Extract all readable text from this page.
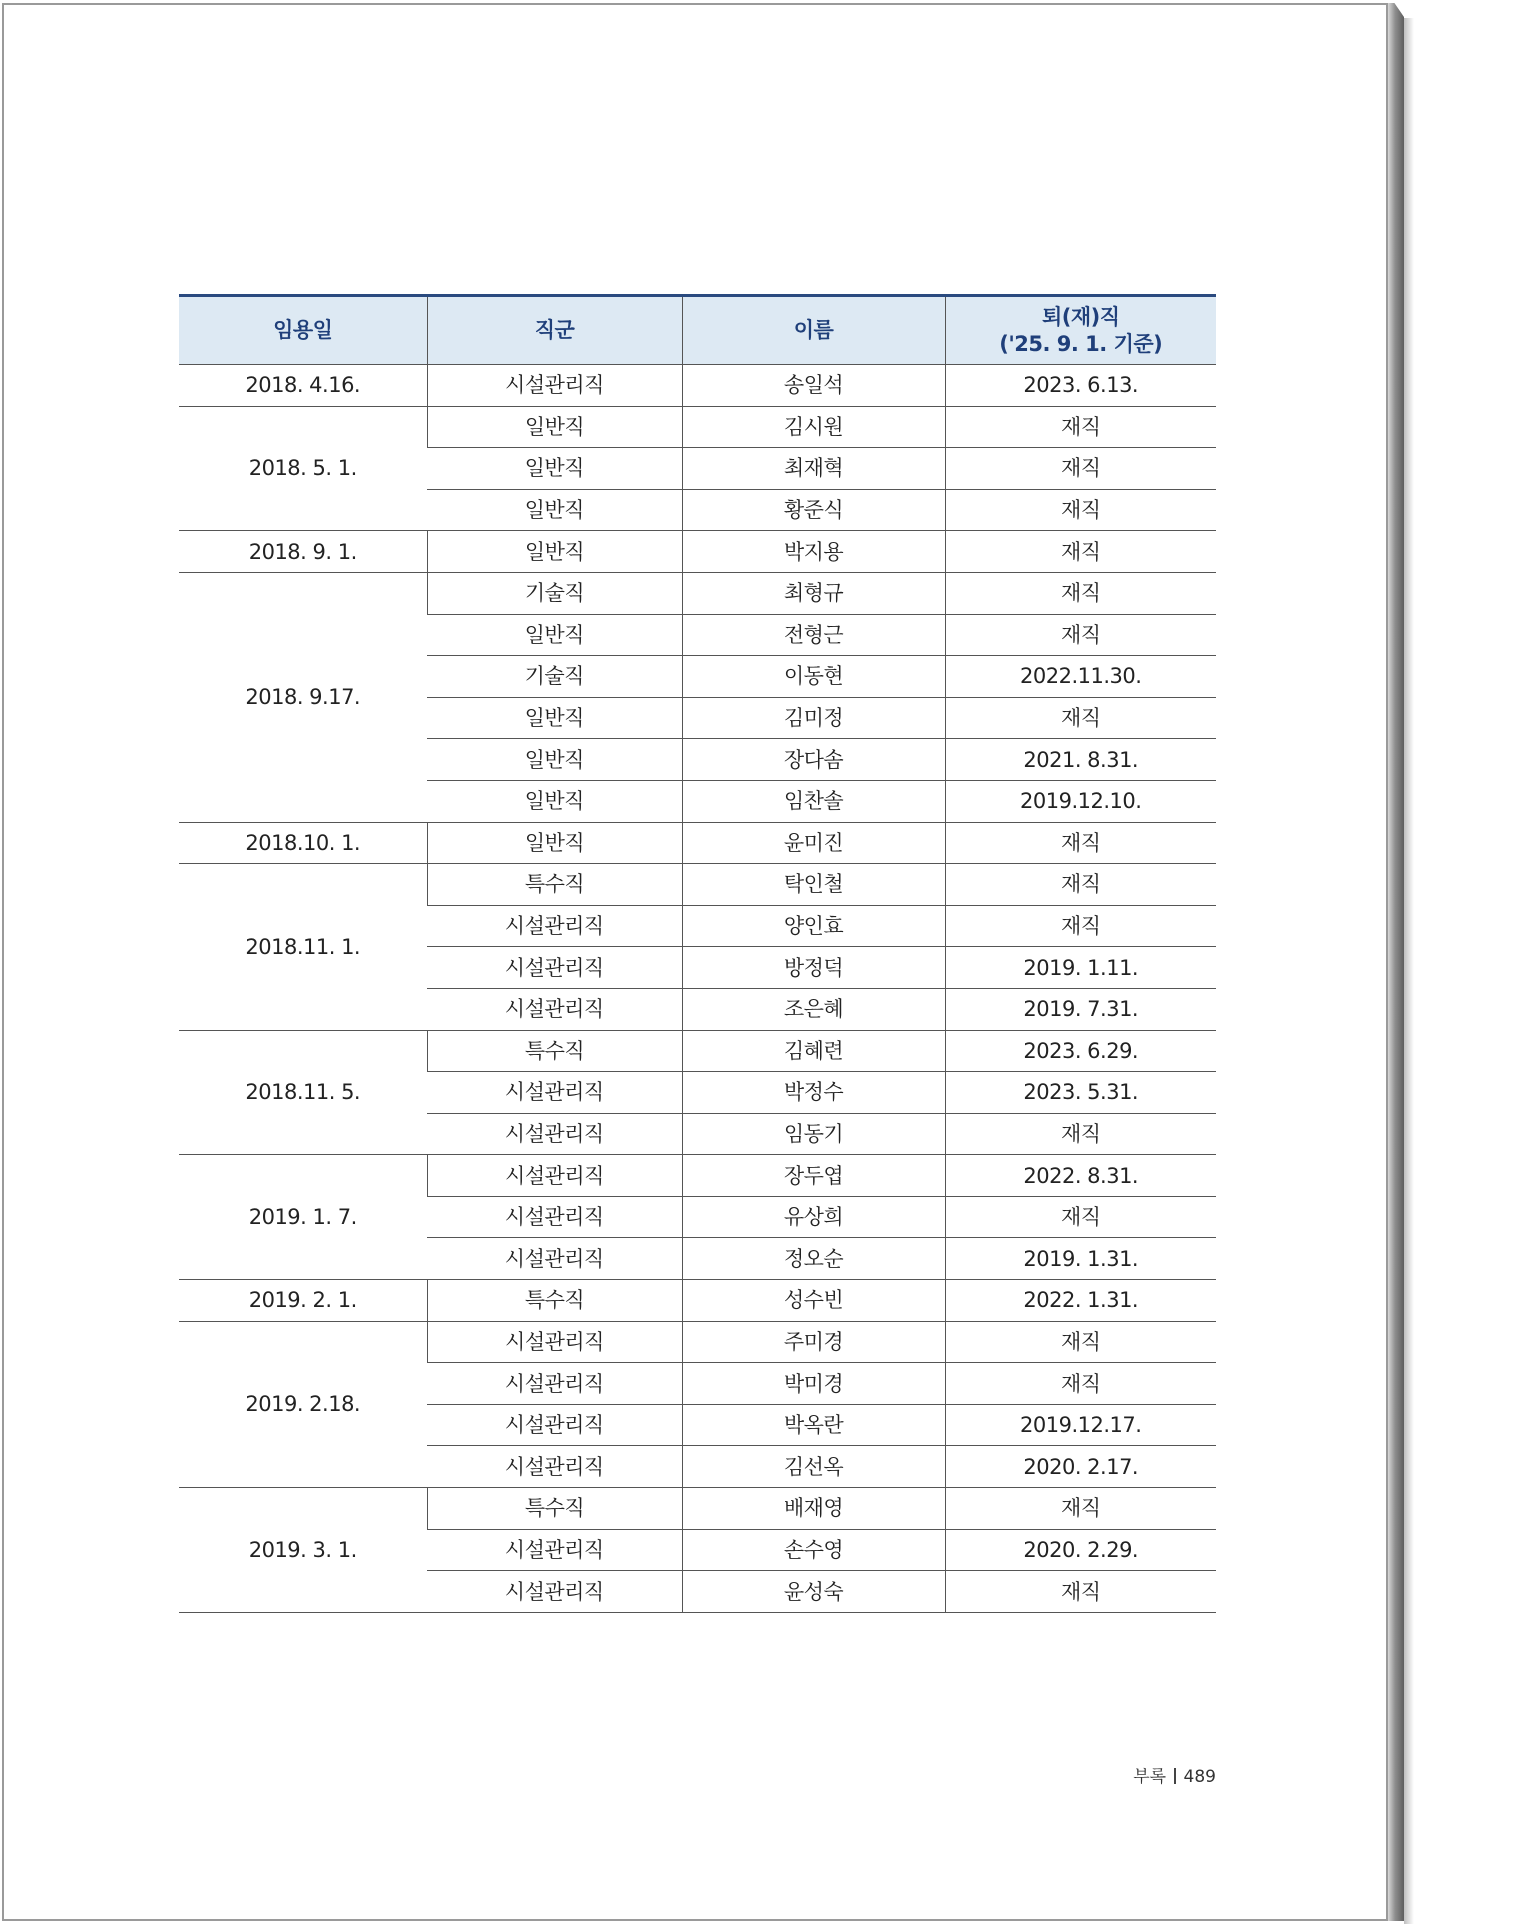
임용일	직군	이름	퇴(재)직
('25. 9. 1. 기준)
2018. 4.16.	시설관리직	송일석	2023. 6.13.
2018. 5. 1.	일반직	김시원	재직
	일반직	최재혁	재직
	일반직	황준식	재직
2018. 9. 1.	일반직	박지용	재직
2018. 9.17.	기술직	최형규	재직
	일반직	전형근	재직
	기술직	이동현	2022.11.30.
	일반직	김미정	재직
	일반직	장다솜	2021. 8.31.
	일반직	임찬솔	2019.12.10.
2018.10. 1.	일반직	윤미진	재직
2018.11. 1.	특수직	탁인철	재직
	시설관리직	양인효	재직
	시설관리직	방정덕	2019. 1.11.
	시설관리직	조은혜	2019. 7.31.
2018.11. 5.	특수직	김혜련	2023. 6.29.
	시설관리직	박정수	2023. 5.31.
	시설관리직	임동기	재직
2019. 1. 7.	시설관리직	장두엽	2022. 8.31.
	시설관리직	유상희	재직
	시설관리직	정오순	2019. 1.31.
2019. 2. 1.	특수직	성수빈	2022. 1.31.
2019. 2.18.	시설관리직	주미경	재직
	시설관리직	박미경	재직
	시설관리직	박옥란	2019.12.17.
	시설관리직	김선옥	2020. 2.17.
2019. 3. 1.	특수직	배재영	재직
	시설관리직	손수영	2020. 2.29.
	시설관리직	윤성숙	재직
부록 489
